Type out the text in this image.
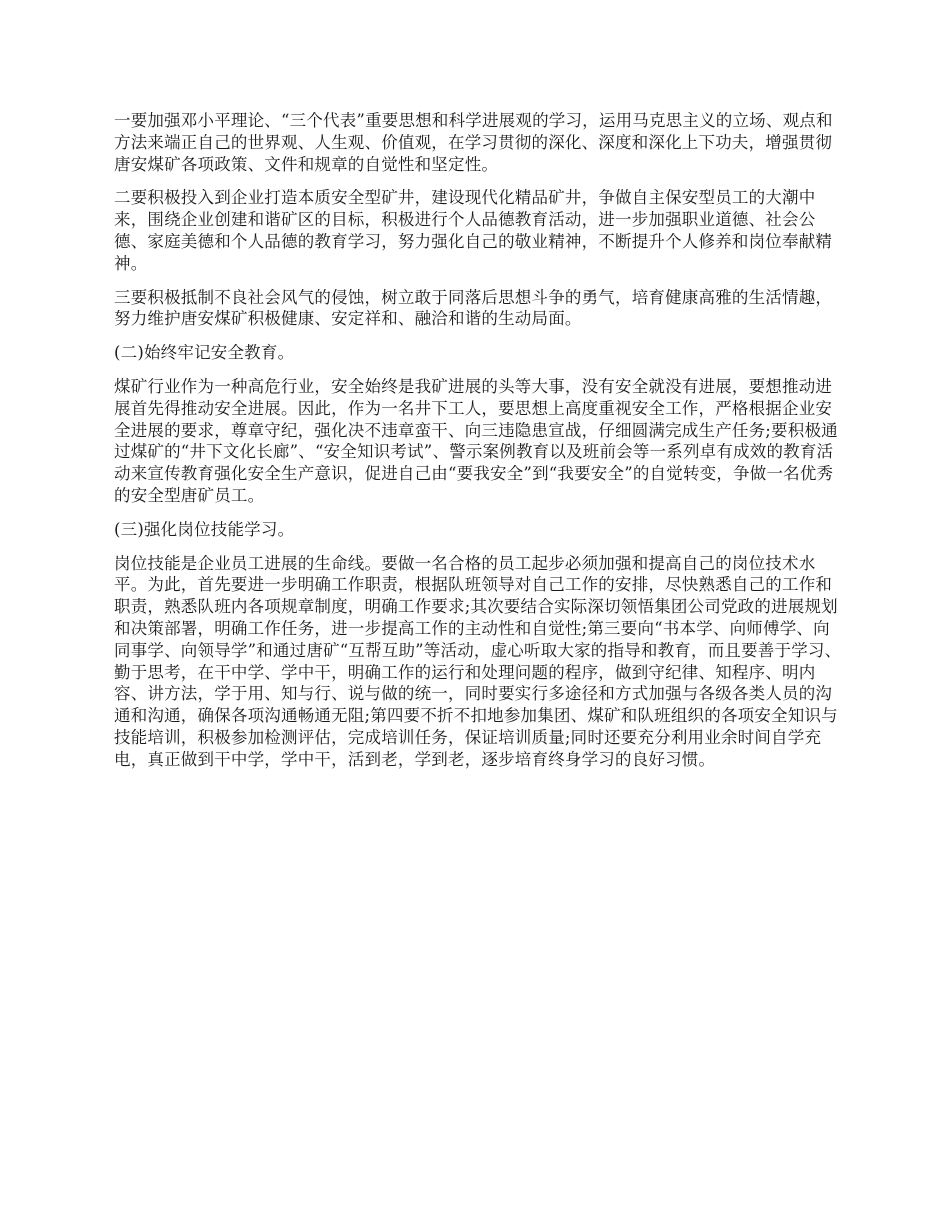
一要加强邓小平理论、“三个代表”重要思想和科学进展观的学习，运用马克思主义的立场、观点和方法来端正自己的世界观、人生观、价值观，在学习贯彻的深化、深度和深化上下功夫，增强贯彻唐安煤矿各项政策、文件和规章的自觉性和坚定性。

二要积极投入到企业打造本质安全型矿井，建设现代化精品矿井，争做自主保安型员工的大潮中来，围绕企业创建和谐矿区的目标，积极进行个人品德教育活动，进一步加强职业道德、社会公德、家庭美德和个人品德的教育学习，努力强化自己的敬业精神，不断提升个人修养和岗位奉献精神。

三要积极抵制不良社会风气的侵蚀，树立敢于同落后思想斗争的勇气，培育健康高雅的生活情趣，努力维护唐安煤矿积极健康、安定祥和、融洽和谐的生动局面。

(二)始终牢记安全教育。

煤矿行业作为一种高危行业，安全始终是我矿进展的头等大事，没有安全就没有进展，要想推动进展首先得推动安全进展。因此，作为一名井下工人，要思想上高度重视安全工作，严格根据企业安全进展的要求，尊章守纪，强化决不违章蛮干、向三违隐患宣战，仔细圆满完成生产任务;要积极通过煤矿的“井下文化长廊”、“安全知识考试”、警示案例教育以及班前会等一系列卓有成效的教育活动来宣传教育强化安全生产意识，促进自己由“要我安全”到“我要安全”的自觉转变，争做一名优秀的安全型唐矿员工。

(三)强化岗位技能学习。

岗位技能是企业员工进展的生命线。要做一名合格的员工起步必须加强和提高自己的岗位技术水平。为此，首先要进一步明确工作职责，根据队班领导对自己工作的安排，尽快熟悉自己的工作和职责，熟悉队班内各项规章制度，明确工作要求;其次要结合实际深切领悟集团公司党政的进展规划和决策部署，明确工作任务，进一步提高工作的主动性和自觉性;第三要向“书本学、向师傅学、向同事学、向领导学”和通过唐矿“互帮互助”等活动，虚心听取大家的指导和教育，而且要善于学习、勤于思考，在干中学、学中干，明确工作的运行和处理问题的程序，做到守纪律、知程序、明内容、讲方法，学于用、知与行、说与做的统一，同时要实行多途径和方式加强与各级各类人员的沟通和沟通，确保各项沟通畅通无阻;第四要不折不扣地参加集团、煤矿和队班组织的各项安全知识与技能培训，积极参加检测评估，完成培训任务，保证培训质量;同时还要充分利用业余时间自学充电，真正做到干中学，学中干，活到老，学到老，逐步培育终身学习的良好习惯。
